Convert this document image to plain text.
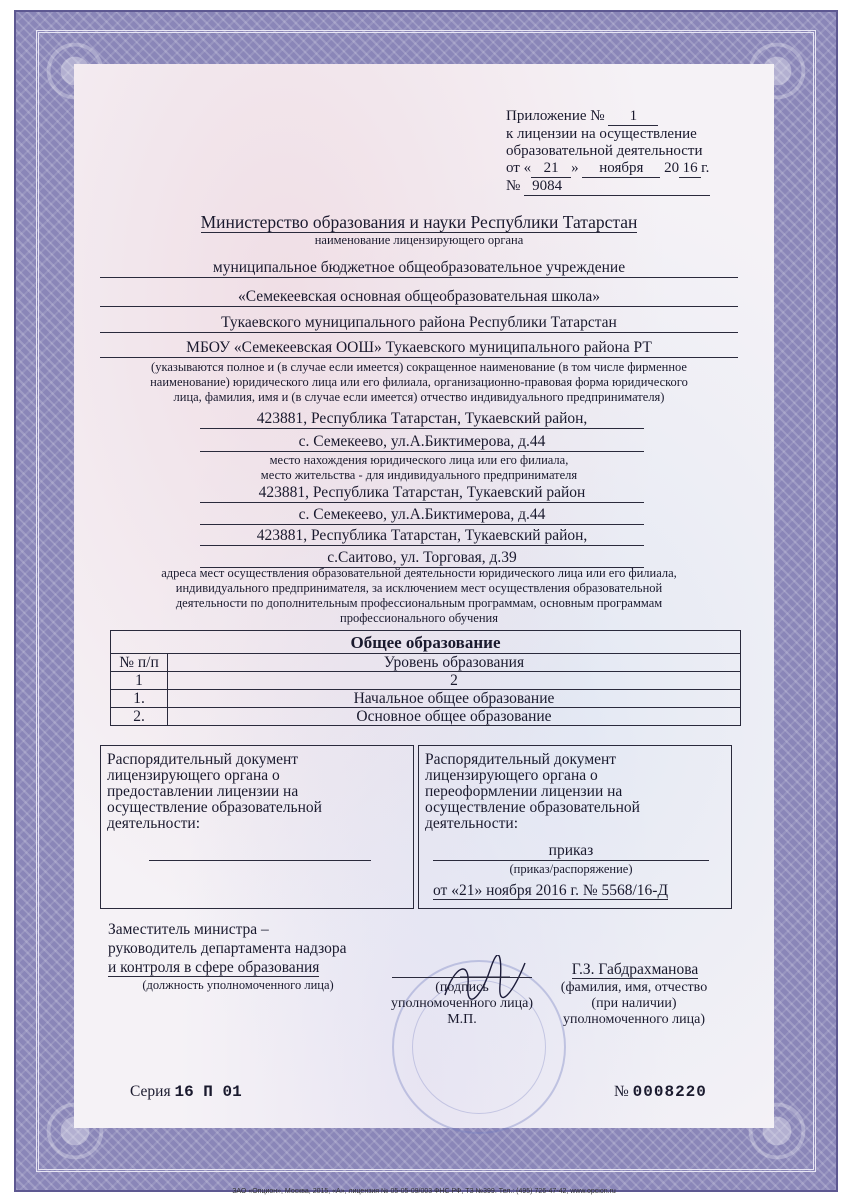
Приложение № 1
к лицензии на осуществление
образовательной деятельности
от « 21 » ноября 20 16 г.
№ 9084
Министерство образования и науки Республики Татарстан
наименование лицензирующего органа
муниципальное бюджетное общеобразовательное учреждение
«Семекеевская основная общеобразовательная школа»
Тукаевского муниципального района Республики Татарстан
МБОУ «Семекеевская ООШ» Тукаевского муниципального района РТ
(указываются полное и (в случае если имеется) сокращенное наименование (в том числе фирменное
наименование) юридического лица или его филиала, организационно-правовая форма юридического
лица, фамилия, имя и (в случае если имеется) отчество индивидуального предпринимателя)
423881, Республика Татарстан, Тукаевский район,
с. Семекеево, ул.А.Биктимерова, д.44
место нахождения юридического лица или его филиала,
место жительства - для индивидуального предпринимателя
423881, Республика Татарстан, Тукаевский район
с. Семекеево, ул.А.Биктимерова, д.44
423881, Республика Татарстан, Тукаевский район,
с.Саитово, ул. Торговая, д.39
адреса мест осуществления образовательной деятельности юридического лица или его филиала,
индивидуального предпринимателя, за исключением мест осуществления образовательной
деятельности по дополнительным профессиональным программам, основным программам
профессионального обучения
Общее образование	
№ п/п	Уровень образования
1	2
1.	Начальное общее образование
2.	Основное общее образование
Распорядительный документ
лицензирующего органа о
предоставлении лицензии на
осуществление образовательной
деятельности:
Распорядительный документ
лицензирующего органа о
переоформлении лицензии на
осуществление образовательной
деятельности:
приказ
(приказ/распоряжение)
от «21» ноября 2016 г. № 5568/16-Д
Заместитель министра –
руководитель департамента надзора
и контроля в сфере образования
(должность уполномоченного лица)	(подпись
уполномоченного лица)
М.П.
Г.З. Габдрахманова
(фамилия, имя, отчество
(при наличии)
уполномоченного лица)
Серия 16 П 01	№ 0008220
ЗАО «Опцион», Москва, 2015, «А», лицензия № 05-05-09/003 ФНС РФ, ТЗ №399. Тел.: (495) 726-47-42, www.opcion.ru
